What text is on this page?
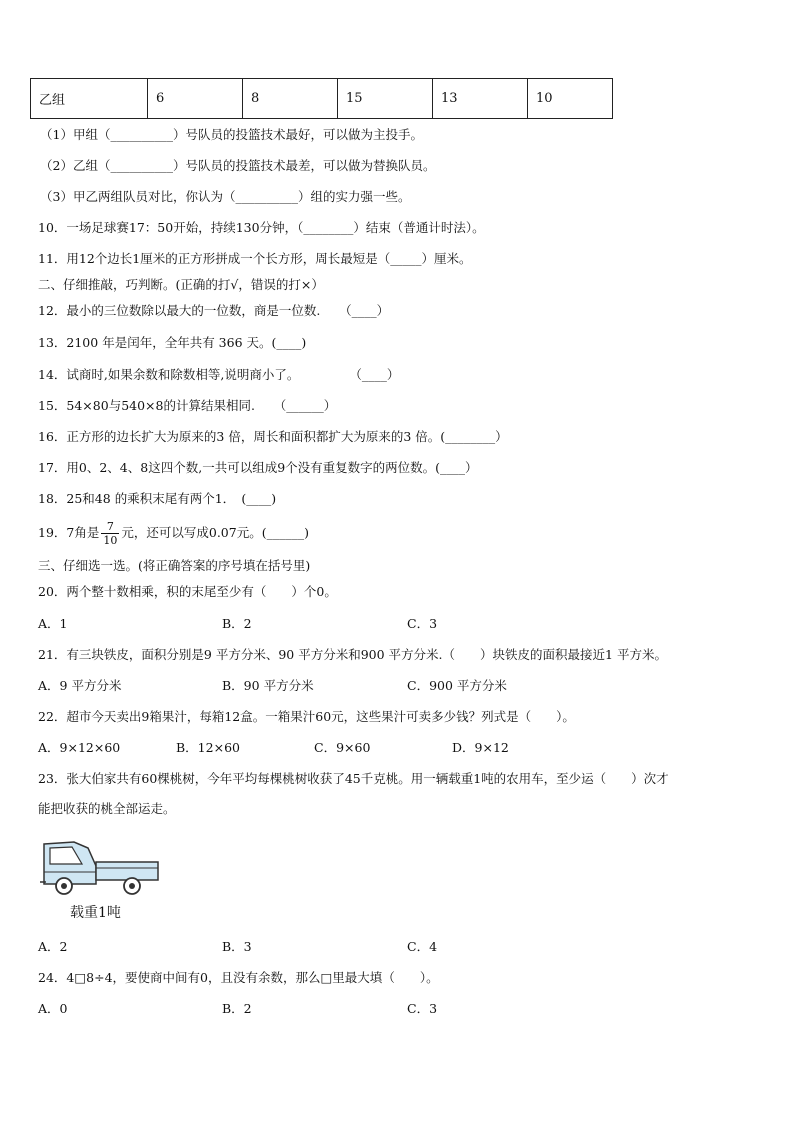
乙组	6	8	15	13	10
（1）甲组（__________）号队员的投篮技术最好，可以做为主投手。
（2）乙组（__________）号队员的投篮技术最差，可以做为替换队员。
（3）甲乙两组队员对比，你认为（__________）组的实力强一些。
10．一场足球赛17：50开始，持续130分钟，（________）结束（普通计时法）。
11．用12个边长1厘米的正方形拼成一个长方形，周长最短是（_____）厘米。
二、仔细推敲，巧判断。(正确的打√，错误的打×）
12．最小的三位数除以最大的一位数，商是一位数.　　（____）
13．2100 年是闰年，全年共有 366 天。(____)
14．试商时,如果余数和除数相等,说明商小了。　　　　　（____）
15．54×80与540×8的计算结果相同.　　（______）
16．正方形的边长扩大为原来的3 倍，周长和面积都扩大为原来的3 倍。(________）
17．用0、2、4、8这四个数,一共可以组成9个没有重复数字的两位数。(____）
18．25和48 的乘积末尾有两个1．　(____)
19．7角是 $\frac{7}{10}$ 元，还可以写成0.07元。(______)
三、仔细选一选。(将正确答案的序号填在括号里)
20．两个整十数相乘，积的末尾至少有（　　）个0。
A．1	B．2	C．3
21．有三块铁皮，面积分别是9 平方分米、90 平方分米和900 平方分米.（　　）块铁皮的面积最接近1 平方米。
A．9 平方分米	B．90 平方分米	C．900 平方分米
22．超市今天卖出9箱果汁，每箱12盒。一箱果汁60元，这些果汁可卖多少钱？列式是（　　）。
A．9×12×60	B．12×60	C．9×60	D．9×12
23．张大伯家共有60棵桃树，今年平均每棵桃树收获了45千克桃。用一辆载重1吨的农用车，至少运（　　）次才
能把收获的桃全部运走。
载重1吨
A．2	B．3	C．4
24．4□8÷4，要使商中间有0，且没有余数，那么□里最大填（　　）。
A．0	B．2	C．3
